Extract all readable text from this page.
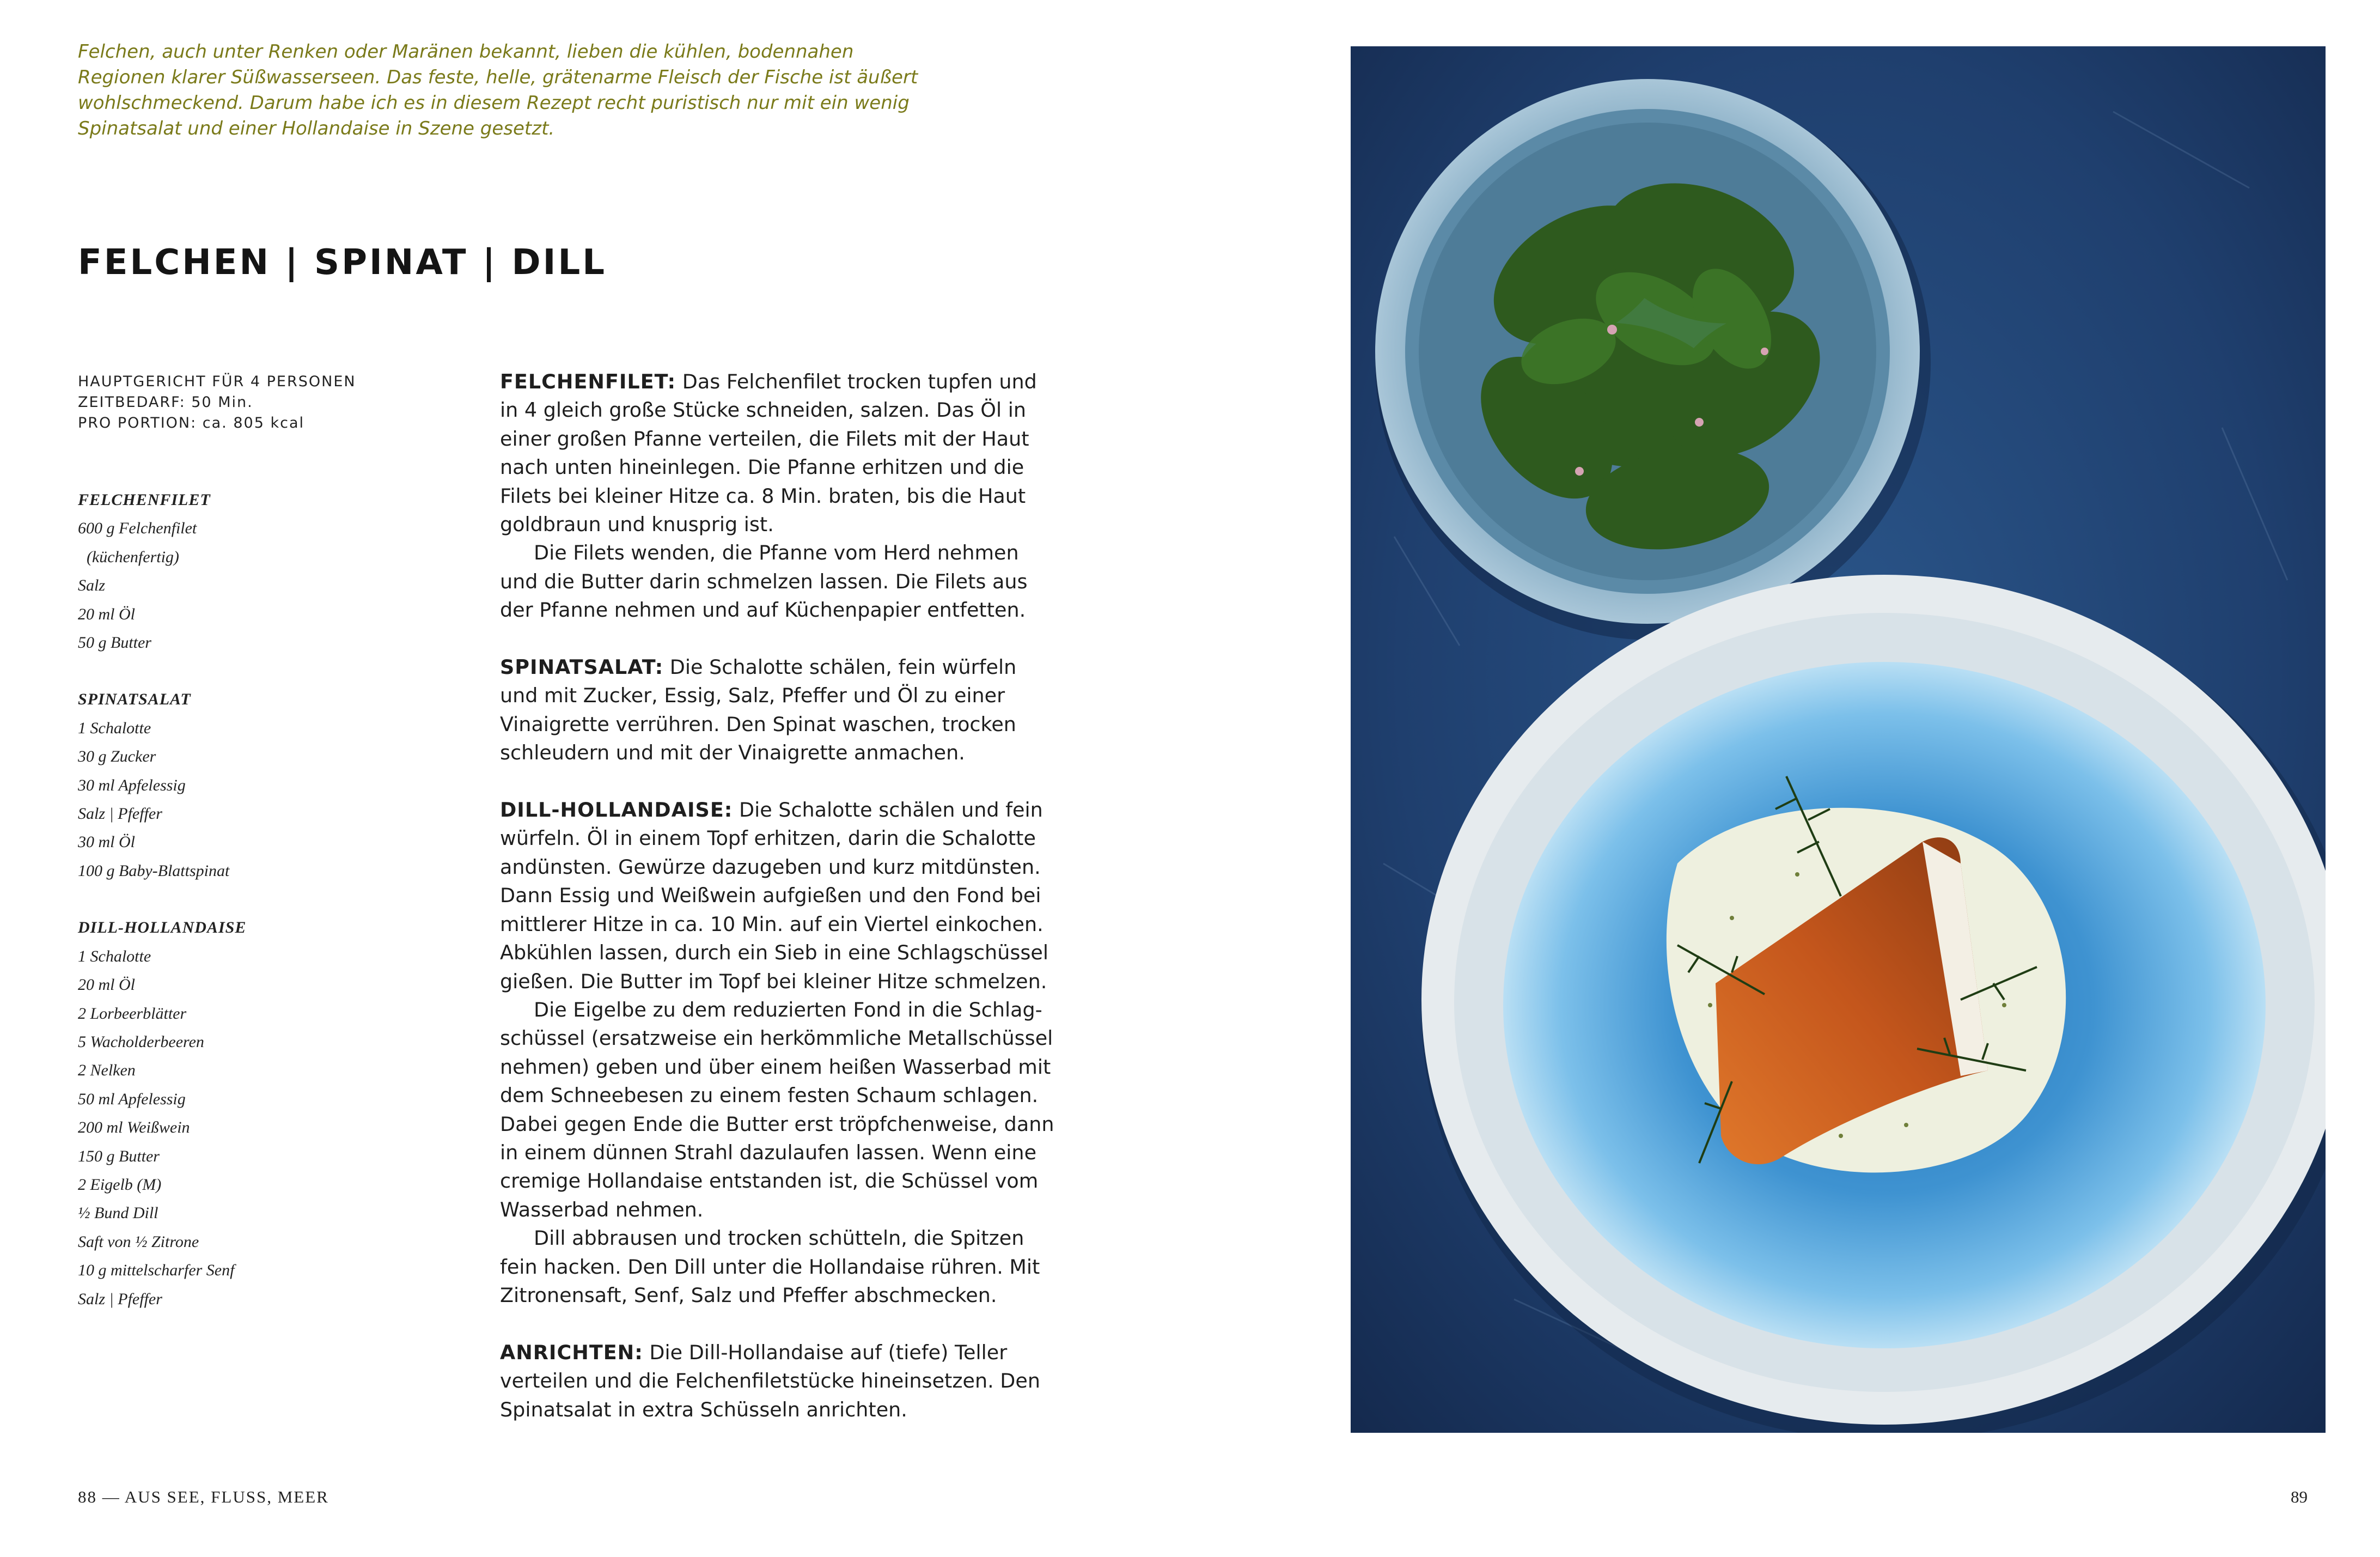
Felchen, auch unter Renken oder Maränen bekannt, lieben die kühlen, bodennahen
Regionen klarer Süßwasserseen. Das feste, helle, grätenarme Fleisch der Fische ist äußert
wohlschmeckend. Darum habe ich es in diesem Rezept recht puristisch nur mit ein wenig
Spinatsalat und einer Hollandaise in Szene gesetzt.

FELCHEN | SPINAT | DILL
HAUPTGERICHT FÜR 4 PERSONEN
ZEITBEDARF: 50 Min.
PRO PORTION: ca. 805 kcal
FELCHENFILET
600 g Felchenfilet
(küchenfertig)
Salz
20 ml Öl
50 g Butter
SPINATSALAT
1 Schalotte
30 g Zucker
30 ml Apfelessig
Salz | Pfeffer
30 ml Öl
100 g Baby-Blattspinat
DILL-HOLLANDAISE
1 Schalotte
20 ml Öl
2 Lorbeerblätter
5 Wacholderbeeren
2 Nelken
50 ml Apfelessig
200 ml Weißwein
150 g Butter
2 Eigelb (M)
½ Bund Dill
Saft von ½ Zitrone
10 g mittelscharfer Senf
Salz | Pfeffer
FELCHENFILET: Das Felchenfilet trocken tupfen und
in 4 gleich große Stücke schneiden, salzen. Das Öl in
einer großen Pfanne verteilen, die Filets mit der Haut
nach unten hineinlegen. Die Pfanne erhitzen und die
Filets bei kleiner Hitze ca. 8 Min. braten, bis die Haut
goldbraun und knusprig ist.
Die Filets wenden, die Pfanne vom Herd nehmen
und die Butter darin schmelzen lassen. Die Filets aus
der Pfanne nehmen und auf Küchenpapier entfetten.
SPINATSALAT: Die Schalotte schälen, fein würfeln
und mit Zucker, Essig, Salz, Pfeffer und Öl zu einer
Vinaigrette verrühren. Den Spinat waschen, trocken
schleudern und mit der Vinaigrette anmachen.
DILL-HOLLANDAISE: Die Schalotte schälen und fein
würfeln. Öl in einem Topf erhitzen, darin die Schalotte
andünsten. Gewürze dazugeben und kurz mitdünsten.
Dann Essig und Weißwein aufgießen und den Fond bei
mittlerer Hitze in ca. 10 Min. auf ein Viertel einkochen.
Abkühlen lassen, durch ein Sieb in eine Schlagschüssel
gießen. Die Butter im Topf bei kleiner Hitze schmelzen.
Die Eigelbe zu dem reduzierten Fond in die Schlag-
schüssel (ersatzweise ein herkömmliche Metallschüssel
nehmen) geben und über einem heißen Wasserbad mit
dem Schneebesen zu einem festen Schaum schlagen.
Dabei gegen Ende die Butter erst tröpfchenweise, dann
in einem dünnen Strahl dazulaufen lassen. Wenn eine
cremige Hollandaise entstanden ist, die Schüssel vom
Wasserbad nehmen.
Dill abbrausen und trocken schütteln, die Spitzen
fein hacken. Den Dill unter die Hollandaise rühren. Mit
Zitronensaft, Senf, Salz und Pfeffer abschmecken.
ANRICHTEN: Die Dill-Hollandaise auf (tiefe) Teller
verteilen und die Felchenfiletstücke hineinsetzen. Den
Spinatsalat in extra Schüsseln anrichten.
88 — AUS SEE, FLUSS, MEER	89
